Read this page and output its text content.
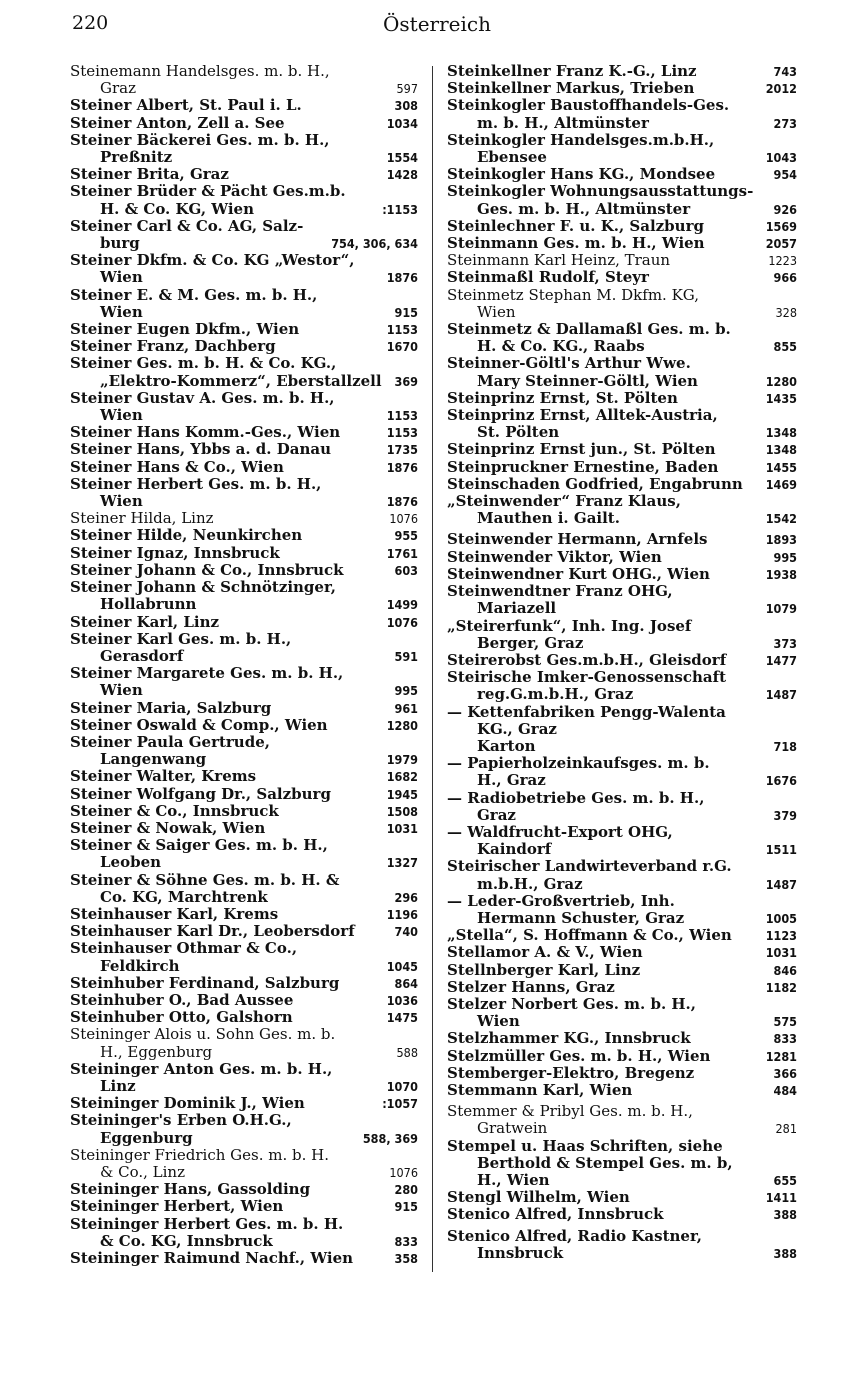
220	Österreich
Steinemann Handelsges. m. b. H.,
Graz	597
Steiner Albert, St. Paul i. L.	308
Steiner Anton, Zell a. See	1034
Steiner Bäckerei Ges. m. b. H.,
Preßnitz	1554
Steiner Brita, Graz	1428
Steiner Brüder & Pächt Ges.m.b.
H. & Co. KG, Wien	:1153
Steiner Carl & Co. AG, Salz-
burg	754, 306, 634
Steiner Dkfm. & Co. KG „Westor“,
Wien	1876
Steiner E. & M. Ges. m. b. H.,
Wien	915
Steiner Eugen Dkfm., Wien	1153
Steiner Franz, Dachberg	1670
Steiner Ges. m. b. H. & Co. KG.,
„Elektro-Kommerz“, Eberstallzell	369
Steiner Gustav A. Ges. m. b. H.,
Wien	1153
Steiner Hans Komm.-Ges., Wien	1153
Steiner Hans, Ybbs a. d. Danau	1735
Steiner Hans & Co., Wien	1876
Steiner Herbert Ges. m. b. H.,
Wien	1876
Steiner Hilda, Linz	1076
Steiner Hilde, Neunkirchen	955
Steiner Ignaz, Innsbruck	1761
Steiner Johann & Co., Innsbruck	603
Steiner Johann & Schnötzinger,
Hollabrunn	1499
Steiner Karl, Linz	1076
Steiner Karl Ges. m. b. H.,
Gerasdorf	591
Steiner Margarete Ges. m. b. H.,
Wien	995
Steiner Maria, Salzburg	961
Steiner Oswald & Comp., Wien	1280
Steiner Paula Gertrude,
Langenwang	1979
Steiner Walter, Krems	1682
Steiner Wolfgang Dr., Salzburg	1945
Steiner & Co., Innsbruck	1508
Steiner & Nowak, Wien	1031
Steiner & Saiger Ges. m. b. H.,
Leoben	1327
Steiner & Söhne Ges. m. b. H. &
Co. KG, Marchtrenk	296
Steinhauser Karl, Krems	1196
Steinhauser Karl Dr., Leobersdorf	740
Steinhauser Othmar & Co.,
Feldkirch	1045
Steinhuber Ferdinand, Salzburg	864
Steinhuber O., Bad Aussee	1036
Steinhuber Otto, Galshorn	1475
Steininger Alois u. Sohn Ges. m. b.
H., Eggenburg	588
Steininger Anton Ges. m. b. H.,
Linz	1070
Steininger Dominik J., Wien	:1057
Steininger's Erben O.H.G.,
Eggenburg	588, 369
Steininger Friedrich Ges. m. b. H.
& Co., Linz	1076
Steininger Hans, Gassolding	280
Steininger Herbert, Wien	915
Steininger Herbert Ges. m. b. H.
& Co. KG, Innsbruck	833
Steininger Raimund Nachf., Wien	358
Steinkellner Franz K.-G., Linz	743
Steinkellner Markus, Trieben	2012
Steinkogler Baustoffhandels-Ges.
m. b. H., Altmünster	273
Steinkogler Handelsges.m.b.H.,
Ebensee	1043
Steinkogler Hans KG., Mondsee	954
Steinkogler Wohnungsausstattungs-
Ges. m. b. H., Altmünster	926
Steinlechner F. u. K., Salzburg	1569
Steinmann Ges. m. b. H., Wien	2057
Steinmann Karl Heinz, Traun	1223
Steinmaßl Rudolf, Steyr	966
Steinmetz Stephan M. Dkfm. KG,
Wien	328
Steinmetz & Dallamaßl Ges. m. b.
H. & Co. KG., Raabs	855
Steinner-Göltl's Arthur Wwe.
Mary Steinner-Göltl, Wien	1280
Steinprinz Ernst, St. Pölten	1435
Steinprinz Ernst, Alltek-Austria,
St. Pölten	1348
Steinprinz Ernst jun., St. Pölten	1348
Steinpruckner Ernestine, Baden	1455
Steinschaden Godfried, Engabrunn	1469
„Steinwender“ Franz Klaus,
Mauthen i. Gailt.	1542
Steinwender Hermann, Arnfels	1893
Steinwender Viktor, Wien	995
Steinwendner Kurt OHG., Wien	1938
Steinwendtner Franz OHG,
Mariazell	1079
„Steirerfunk“, Inh. Ing. Josef
Berger, Graz	373
Steirerobst Ges.m.b.H., Gleisdorf	1477
Steirische Imker-Genossenschaft
reg.G.m.b.H., Graz	1487
— Kettenfabriken Pengg-Walenta
KG., Graz
Karton	718
— Papierholzeinkaufsges. m. b.
H., Graz	1676
— Radiobetriebe Ges. m. b. H.,
Graz	379
— Waldfrucht-Export OHG,
Kaindorf	1511
Steirischer Landwirteverband r.G.
m.b.H., Graz	1487
— Leder-Großvertrieb, Inh.
Hermann Schuster, Graz	1005
„Stella“, S. Hoffmann & Co., Wien	1123
Stellamor A. & V., Wien	1031
Stellnberger Karl, Linz	846
Stelzer Hanns, Graz	1182
Stelzer Norbert Ges. m. b. H.,
Wien	575
Stelzhammer KG., Innsbruck	833
Stelzmüller Ges. m. b. H., Wien	1281
Stemberger-Elektro, Bregenz	366
Stemmann Karl, Wien	484
Stemmer & Pribyl Ges. m. b. H.,
Gratwein	281
Stempel u. Haas Schriften, siehe
Berthold & Stempel Ges. m. b,
H., Wien	655
Stengl Wilhelm, Wien	1411
Stenico Alfred, Innsbruck	388
Stenico Alfred, Radio Kastner,
Innsbruck	388
